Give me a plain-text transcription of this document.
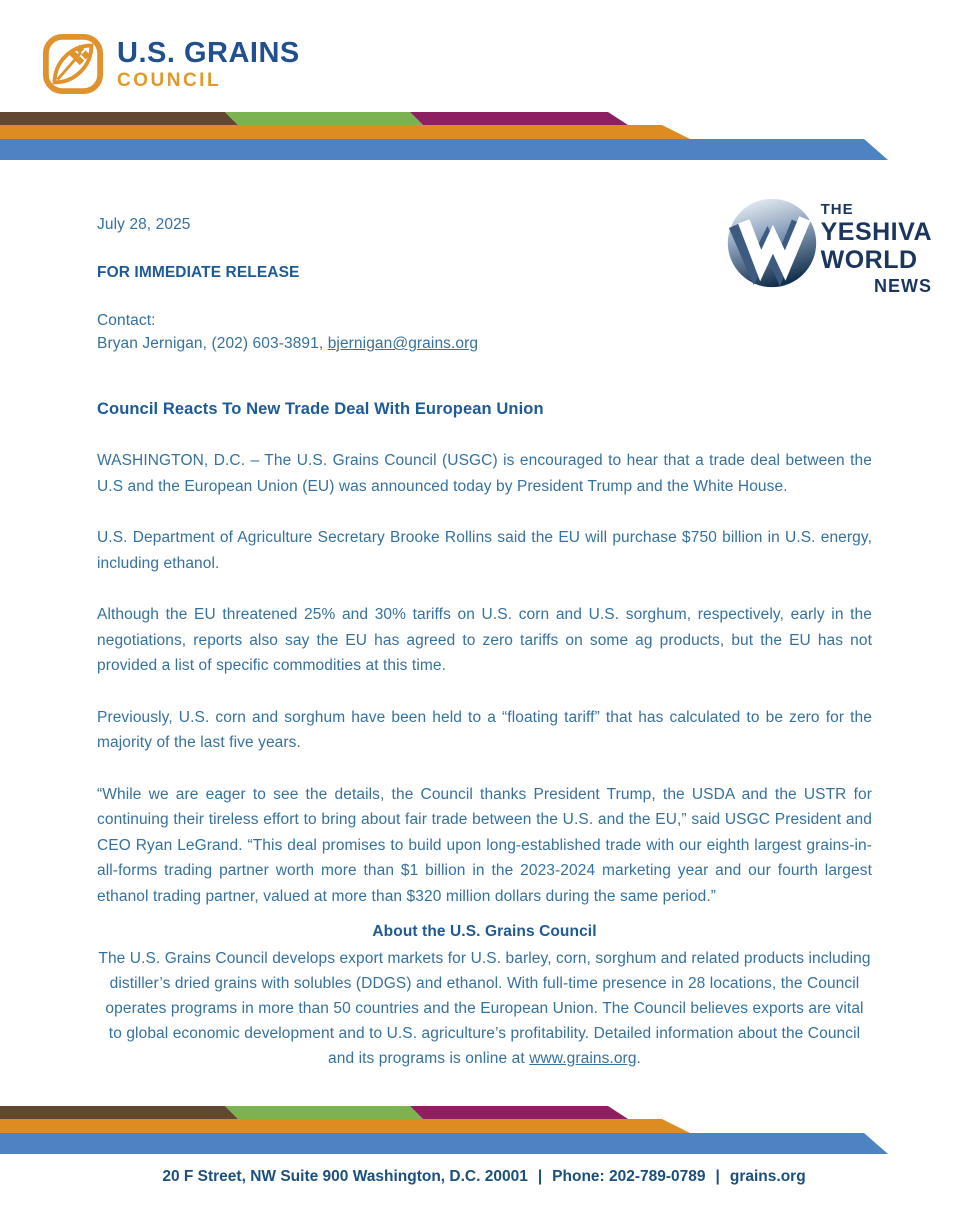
U.S. GRAINS
COUNCIL
THE
YESHIVA
WORLD
NEWS

July 28, 2025

FOR IMMEDIATE RELEASE

Contact:

Bryan Jernigan, (202) 603-3891, bjernigan@grains.org

Council Reacts To New Trade Deal With European Union

WASHINGTON, D.C. – The U.S. Grains Council (USGC) is encouraged to hear that a trade deal between the U.S and the European Union (EU) was announced today by President Trump and the White House.

U.S. Department of Agriculture Secretary Brooke Rollins said the EU will purchase $750 billion in U.S. energy, including ethanol.

Although the EU threatened 25% and 30% tariffs on U.S. corn and U.S. sorghum, respectively, early in the negotiations, reports also say the EU has agreed to zero tariffs on some ag products, but the EU has not provided a list of specific commodities at this time.

Previously, U.S. corn and sorghum have been held to a “floating tariff” that has calculated to be zero for the majority of the last five years.

“While we are eager to see the details, the Council thanks President Trump, the USDA and the USTR for continuing their tireless effort to bring about fair trade between the U.S. and the EU,” said USGC President and CEO Ryan LeGrand. “This deal promises to build upon long-established trade with our eighth largest grains-in-all-forms trading partner worth more than $1 billion in the 2023-2024 marketing year and our fourth largest ethanol trading partner, valued at more than $320 million dollars during the same period.”

About the U.S. Grains Council

The U.S. Grains Council develops export markets for U.S. barley, corn, sorghum and related products including distiller’s dried grains with solubles (DDGS) and ethanol. With full-time presence in 28 locations, the Council operates programs in more than 50 countries and the European Union. The Council believes exports are vital to global economic development and to U.S. agriculture’s profitability. Detailed information about the Council and its programs is online at www.grains.org.

20 F Street, NW Suite 900 Washington, D.C. 20001 | Phone: 202-789-0789 | grains.org
